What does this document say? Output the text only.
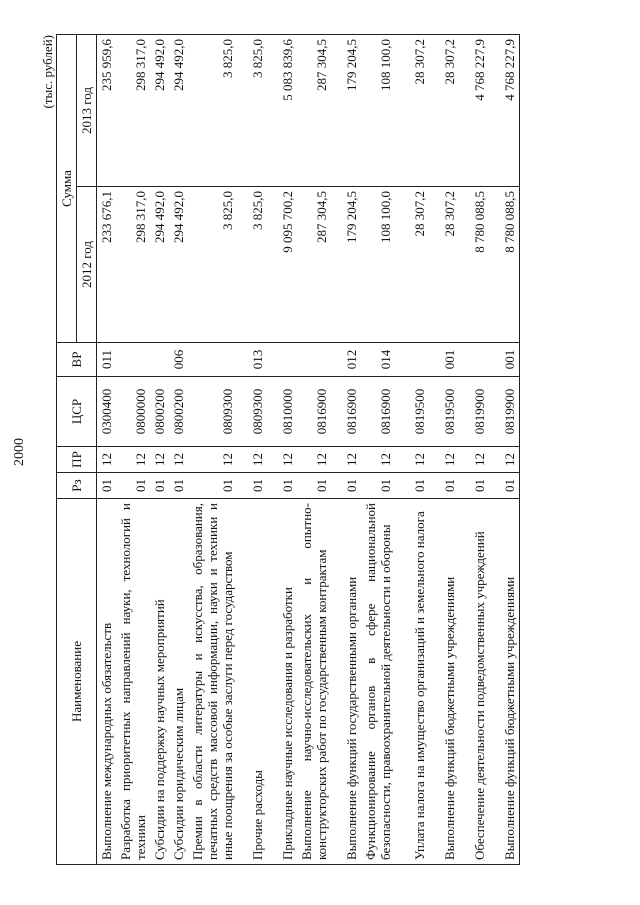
2000
(тыс. рублей)
Наименование	Рз	ПР	ЦСР	ВР	Сумма	
					2012 год	2013 год
Выполнение международных обязательств	01	12	0300400	011	233 676,1	235 959,6
Разработка приоритетных направлений науки, технологий и техники	01	12	0800000		298 317,0	298 317,0
Субсидии на поддержку научных мероприятий	01	12	0800200		294 492,0	294 492,0
Субсидии юридическим лицам	01	12	0800200	006	294 492,0	294 492,0
Премии в области литературы и искусства, образования, печатных средств массовой информации, науки и техники и иные поощрения за особые заслуги перед государством	01	12	0809300		3 825,0	3 825,0
Прочие расходы	01	12	0809300	013	3 825,0	3 825,0
Прикладные научные исследования и разработки	01	12	0810000		9 095 700,2	5 083 839,6
Выполнение научно-исследовательских и опытно-конструкторских работ по государственным контрактам	01	12	0816900		287 304,5	287 304,5
Выполнение функций государственными органами	01	12	0816900	012	179 204,5	179 204,5
Функционирование органов в сфере национальной безопасности, правоохранительной деятельности и обороны	01	12	0816900	014	108 100,0	108 100,0
Уплата налога на имущество организаций и земельного налога	01	12	0819500		28 307,2	28 307,2
Выполнение функций бюджетными учреждениями	01	12	0819500	001	28 307,2	28 307,2
Обеспечение деятельности подведомственных учреждений	01	12	0819900		8 780 088,5	4 768 227,9
Выполнение функций бюджетными учреждениями	01	12	0819900	001	8 780 088,5	4 768 227,9
